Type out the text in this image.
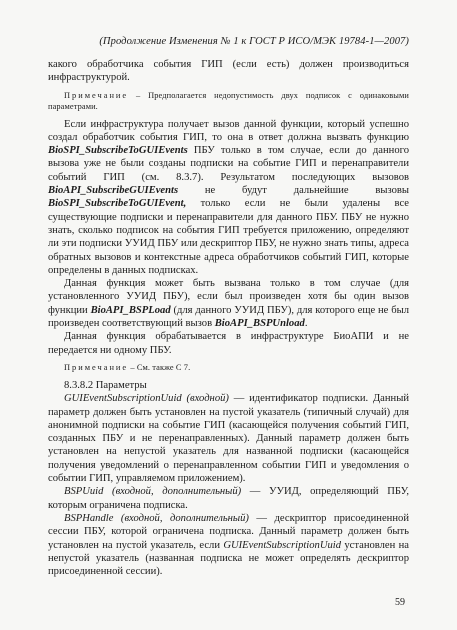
(Продолжение Изменения № 1 к ГОСТ Р ИСО/МЭК 19784-1—2007)

какого обработчика события ГИП (если есть) должен производиться инфраструктурой.

Примечание – Предполагается недопустимость двух подписок с одинаковыми параметрами.

Если инфраструктура получает вызов данной функции, который успешно создал обработчик события ГИП, то она в ответ должна вызвать функцию BioSPI_SubscribeToGUIEvents ПБУ только в том случае, если до данного вызова уже не были созданы подписки на событие ГИП и перенаправители событий ГИП (см. 8.3.7). Результатом последующих вызовов BioAPI_SubscribeGUIEvents не будут дальнейшие вызовы BioSPI_SubscribeToGUIEvent, только если не были удалены все существующие подписки и перенаправители для данного ПБУ. ПБУ не нужно знать, сколько подписок на события ГИП требуется приложению, определяют ли эти подписки УУИД ПБУ или дескриптор ПБУ, не нужно знать типы, адреса обратных вызовов и контекстные адреса обработчиков событий ГИП, которые определены в данных подписках.

Данная функция может быть вызвана только в том случае (для установленного УУИД ПБУ), если был произведен хотя бы один вызов функции BioAPI_BSPLoad (для данного УУИД ПБУ), для которого еще не был произведен соответствующий вызов BioAPI_BSPUnload.

Данная функция обрабатывается в инфраструктуре БиоАПИ и не передается ни одному ПБУ.

Примечание – См. также С 7.

8.3.8.2 Параметры

GUIEventSubscriptionUuid (входной) — идентификатор подписки. Данный параметр должен быть установлен на пустой указатель (типичный случай) для анонимной подписки на событие ГИП (касающейся получения событий ГИП, созданных ПБУ и не перенаправленных). Данный параметр должен быть установлен на непустой указатель для названной подписки (касающейся получения уведомлений о перенаправленном событии ГИП и уведомления о событии ГИП, управляемом приложением).

BSPUuid (входной, дополнительный) — УУИД, определяющий ПБУ, которым ограничена подписка.

BSPHandle (входной, дополнительный) — дескриптор присоединенной сессии ПБУ, которой ограничена подписка. Данный параметр должен быть установлен на пустой указатель, если GUIEventSubscriptionUuid установлен на непустой указатель (названная подписка не может определять дескриптор присоединенной сессии).

59
